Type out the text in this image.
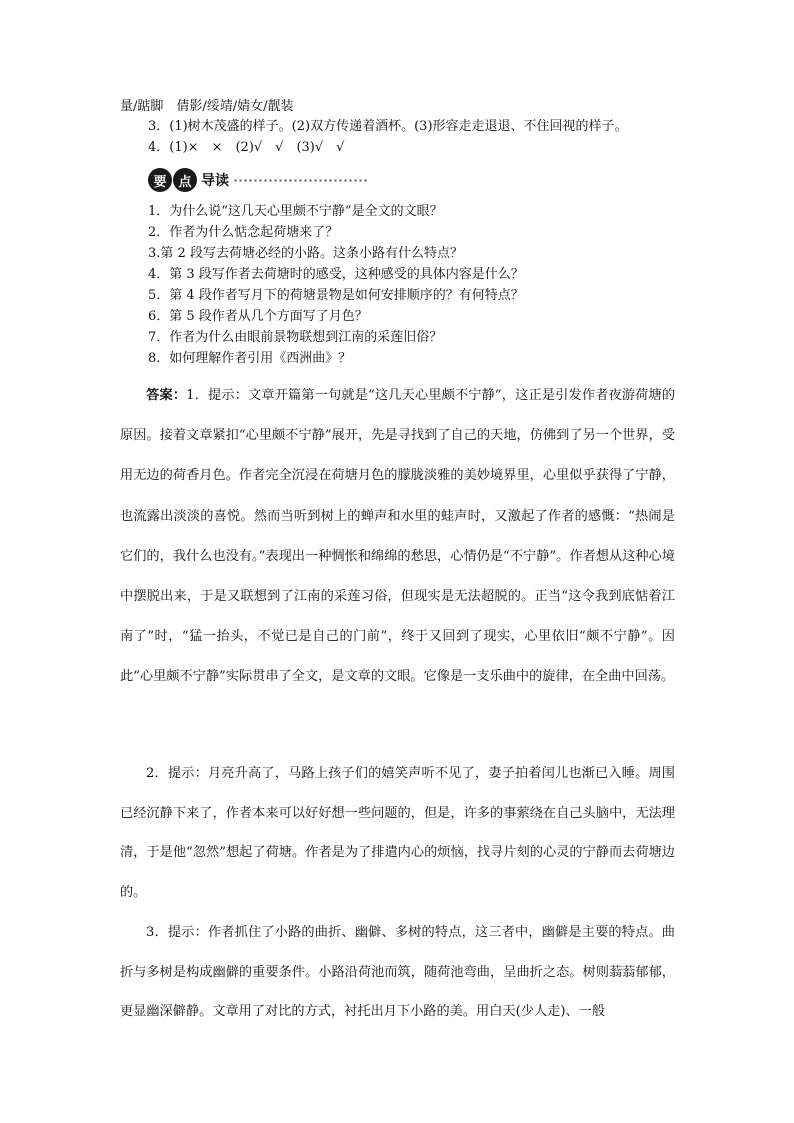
量/踮脚　倩影/绥靖/婧女/靓装
3．(1)树木茂盛的样子。(2)双方传递着酒杯。(3)形容走走退退、不住回视的样子。
4．(1)×　×　(2)√　√　(3)√　√
要 点 导读
1．为什么说“这几天心里颇不宁静”是全文的文眼？
2．作者为什么惦念起荷塘来了？
3.第 2 段写去荷塘必经的小路。这条小路有什么特点？
4．第 3 段写作者去荷塘时的感受，这种感受的具体内容是什么？
5．第 4 段作者写月下的荷塘景物是如何安排顺序的？有何特点？
6．第 5 段作者从几个方面写了月色？
7．作者为什么由眼前景物联想到江南的采莲旧俗？
8．如何理解作者引用《西洲曲》？
答案：1．提示：文章开篇第一句就是“这几天心里颇不宁静”，这正是引发作者夜游荷塘的原因。接着文章紧扣“心里颇不宁静”展开，先是寻找到了自己的天地，仿佛到了另一个世界，受用无边的荷香月色。作者完全沉浸在荷塘月色的朦胧淡雅的美妙境界里，心里似乎获得了宁静，也流露出淡淡的喜悦。然而当听到树上的蝉声和水里的蛙声时，又激起了作者的感慨：“热闹是它们的，我什么也没有。”表现出一种惆怅和绵绵的愁思，心情仍是“不宁静”。作者想从这种心境中摆脱出来，于是又联想到了江南的采莲习俗，但现实是无法超脱的。正当“这令我到底惦着江南了”时，“猛一抬头，不觉已是自己的门前”，终于又回到了现实，心里依旧“颇不宁静”。因此“心里颇不宁静”实际贯串了全文，是文章的文眼。它像是一支乐曲中的旋律，在全曲中回荡。
2．提示：月亮升高了，马路上孩子们的嬉笑声听不见了，妻子拍着闰儿也渐已入睡。周围已经沉静下来了，作者本来可以好好想一些问题的，但是，许多的事萦绕在自己头脑中，无法理清，于是他“忽然”想起了荷塘。作者是为了排遣内心的烦恼，找寻片刻的心灵的宁静而去荷塘边的。
3．提示：作者抓住了小路的曲折、幽僻、多树的特点，这三者中，幽僻是主要的特点。曲折与多树是构成幽僻的重要条件。小路沿荷池而筑，随荷池弯曲，呈曲折之态。树则蓊蓊郁郁，更显幽深僻静。文章用了对比的方式，衬托出月下小路的美。用白天(少人走)、一般
